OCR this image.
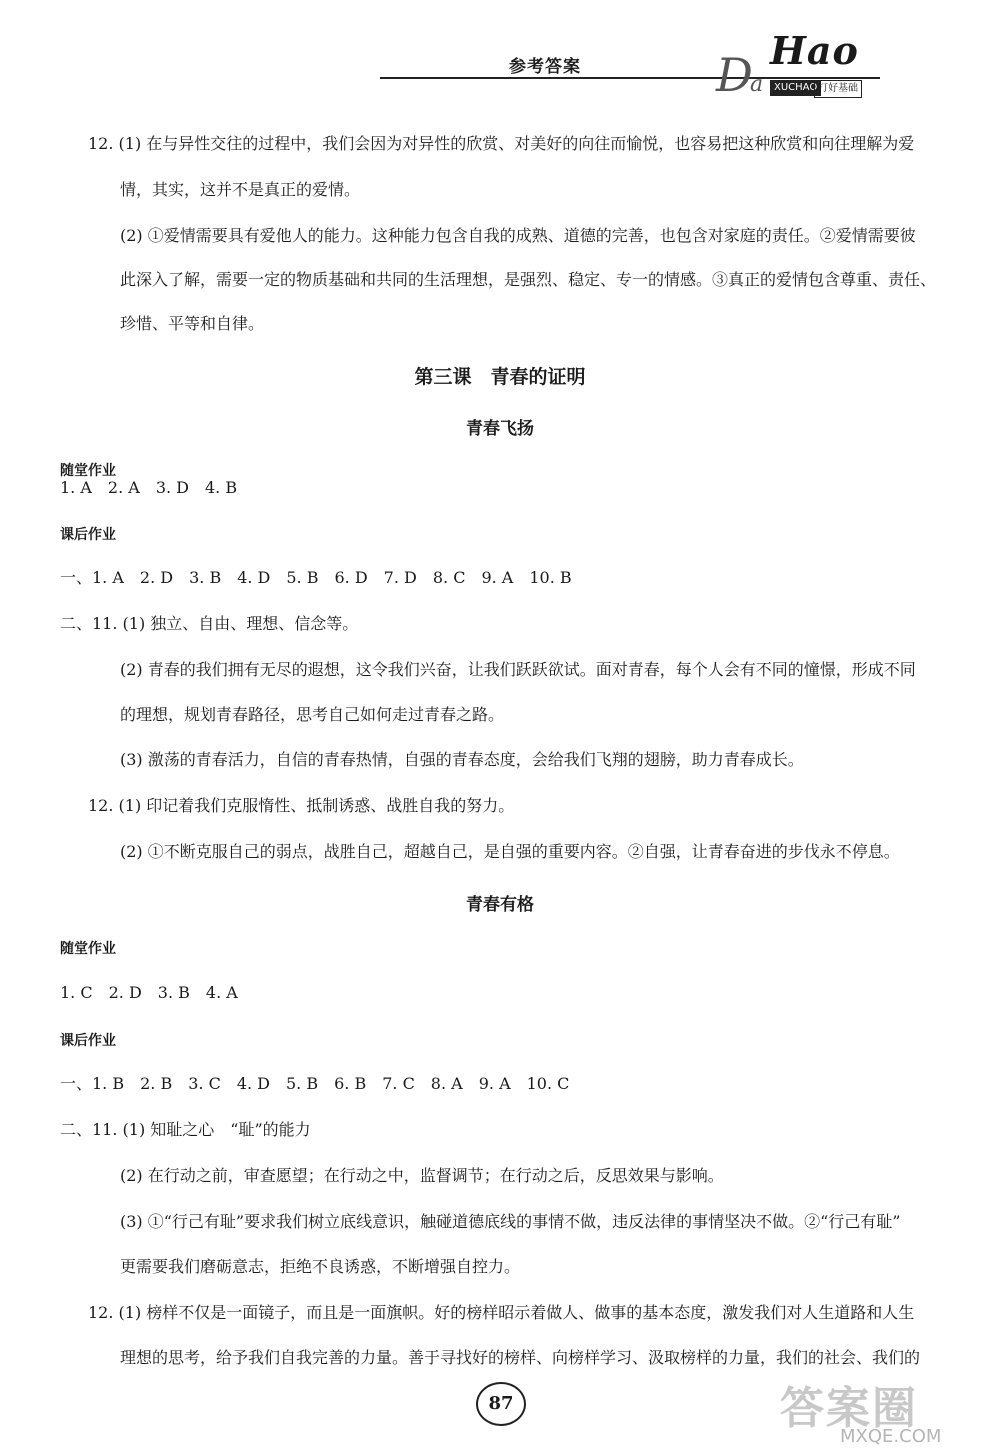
参考答案	D
a
Hao
XUCHAO 打好基础
12. (1) 在与异性交往的过程中，我们会因为对异性的欣赏、对美好的向往而愉悦，也容易把这种欣赏和向往理解为爱
情，其实，这并不是真正的爱情。
(2) ①爱情需要具有爱他人的能力。这种能力包含自我的成熟、道德的完善，也包含对家庭的责任。②爱情需要彼
此深入了解，需要一定的物质基础和共同的生活理想，是强烈、稳定、专一的情感。③真正的爱情包含尊重、责任、
珍惜、平等和自律。
第三课　青春的证明
青春飞扬
随堂作业
1. A　2. A　3. D　4. B
课后作业
一、1. A　2. D　3. B　4. D　5. B　6. D　7. D　8. C　9. A　10. B
二、11. (1) 独立、自由、理想、信念等。
(2) 青春的我们拥有无尽的遐想，这令我们兴奋，让我们跃跃欲试。面对青春，每个人会有不同的憧憬，形成不同
的理想，规划青春路径，思考自己如何走过青春之路。
(3) 激荡的青春活力，自信的青春热情，自强的青春态度，会给我们飞翔的翅膀，助力青春成长。
12. (1) 印记着我们克服惰性、抵制诱惑、战胜自我的努力。
(2) ①不断克服自己的弱点，战胜自己，超越自己，是自强的重要内容。②自强，让青春奋进的步伐永不停息。
青春有格
随堂作业
1. C　2. D　3. B　4. A
课后作业
一、1. B　2. B　3. C　4. D　5. B　6. B　7. C　8. A　9. A　10. C
二、11. (1) 知耻之心　“耻”的能力
(2) 在行动之前，审查愿望；在行动之中，监督调节；在行动之后，反思效果与影响。
(3) ①“行己有耻”要求我们树立底线意识，触碰道德底线的事情不做，违反法律的事情坚决不做。②“行己有耻”
更需要我们磨砺意志，拒绝不良诱惑，不断增强自控力。
12. (1) 榜样不仅是一面镜子，而且是一面旗帜。好的榜样昭示着做人、做事的基本态度，激发我们对人生道路和人生
理想的思考，给予我们自我完善的力量。善于寻找好的榜样、向榜样学习、汲取榜样的力量，我们的社会、我们的
87	答案圈
MXQE.COM
